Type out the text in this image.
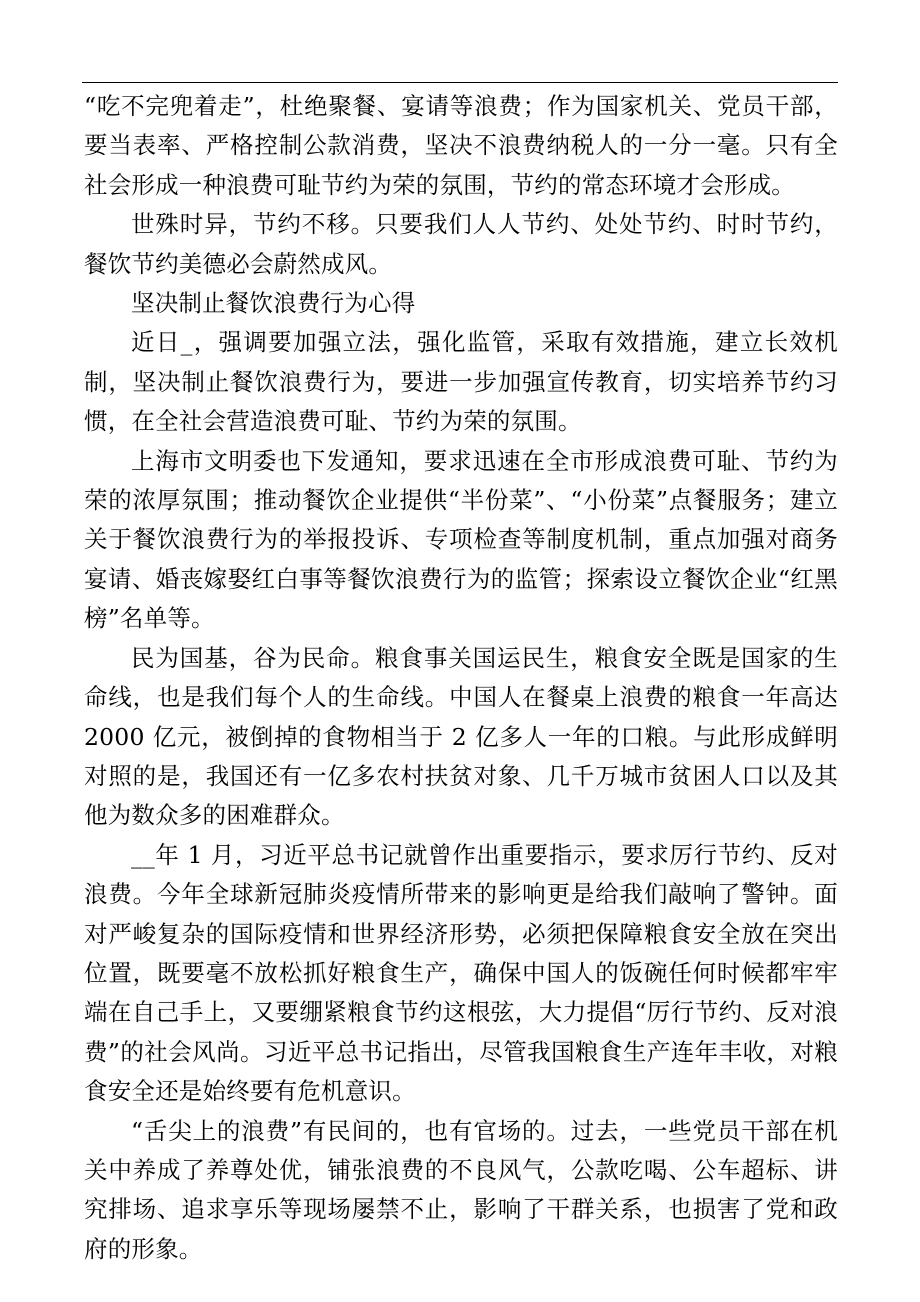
“吃不完兜着走”，杜绝聚餐、宴请等浪费；作为国家机关、党员干部，要当表率、严格控制公款消费，坚决不浪费纳税人的一分一毫。只有全社会形成一种浪费可耻节约为荣的氛围，节约的常态环境才会形成。

世殊时异，节约不移。只要我们人人节约、处处节约、时时节约，餐饮节约美德必会蔚然成风。

坚决制止餐饮浪费行为心得

近日_，强调要加强立法，强化监管，采取有效措施，建立长效机制，坚决制止餐饮浪费行为，要进一步加强宣传教育，切实培养节约习惯，在全社会营造浪费可耻、节约为荣的氛围。

上海市文明委也下发通知，要求迅速在全市形成浪费可耻、节约为荣的浓厚氛围；推动餐饮企业提供“半份菜”、“小份菜”点餐服务；建立关于餐饮浪费行为的举报投诉、专项检查等制度机制，重点加强对商务宴请、婚丧嫁娶红白事等餐饮浪费行为的监管；探索设立餐饮企业“红黑榜”名单等。

民为国基，谷为民命。粮食事关国运民生，粮食安全既是国家的生命线，也是我们每个人的生命线。中国人在餐桌上浪费的粮食一年高达 2000 亿元，被倒掉的食物相当于 2 亿多人一年的口粮。与此形成鲜明对照的是，我国还有一亿多农村扶贫对象、几千万城市贫困人口以及其他为数众多的困难群众。

__年 1 月，习近平总书记就曾作出重要指示，要求厉行节约、反对浪费。今年全球新冠肺炎疫情所带来的影响更是给我们敲响了警钟。面对严峻复杂的国际疫情和世界经济形势，必须把保障粮食安全放在突出位置，既要毫不放松抓好粮食生产，确保中国人的饭碗任何时候都牢牢端在自己手上，又要绷紧粮食节约这根弦，大力提倡“厉行节约、反对浪费”的社会风尚。习近平总书记指出，尽管我国粮食生产连年丰收，对粮食安全还是始终要有危机意识。

“舌尖上的浪费”有民间的，也有官场的。过去，一些党员干部在机关中养成了养尊处优，铺张浪费的不良风气，公款吃喝、公车超标、讲究排场、追求享乐等现场屡禁不止，影响了干群关系，也损害了党和政府的形象。
